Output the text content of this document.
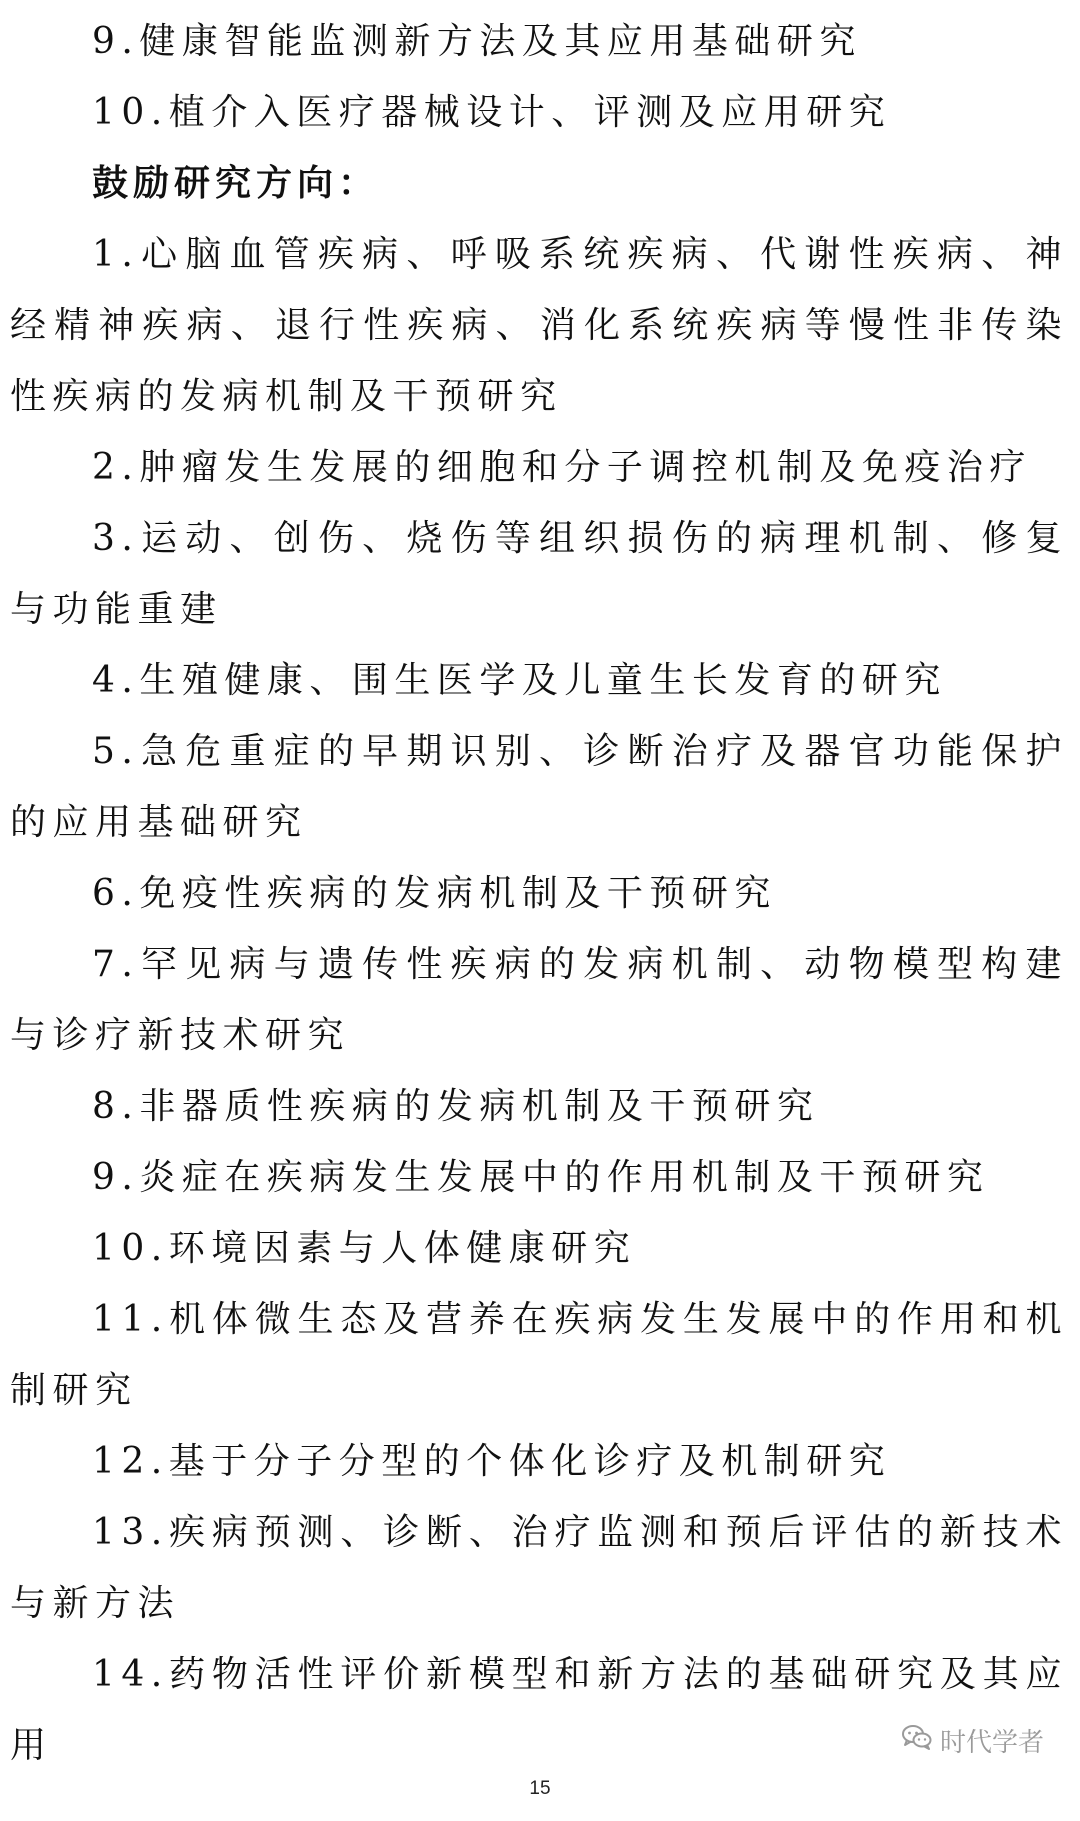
9.健康智能监测新方法及其应用基础研究

10.植介入医疗器械设计、评测及应用研究

鼓励研究方向：

1.心脑血管疾病、呼吸系统疾病、代谢性疾病、神经精神疾病、退行性疾病、消化系统疾病等慢性非传染性疾病的发病机制及干预研究

2.肿瘤发生发展的细胞和分子调控机制及免疫治疗

3.运动、创伤、烧伤等组织损伤的病理机制、修复与功能重建

4.生殖健康、围生医学及儿童生长发育的研究

5.急危重症的早期识别、诊断治疗及器官功能保护的应用基础研究

6.免疫性疾病的发病机制及干预研究

7.罕见病与遗传性疾病的发病机制、动物模型构建与诊疗新技术研究

8.非器质性疾病的发病机制及干预研究

9.炎症在疾病发生发展中的作用机制及干预研究

10.环境因素与人体健康研究

11.机体微生态及营养在疾病发生发展中的作用和机制研究

12.基于分子分型的个体化诊疗及机制研究

13.疾病预测、诊断、治疗监测和预后评估的新技术与新方法

14.药物活性评价新模型和新方法的基础研究及其应用	时代学者
15
